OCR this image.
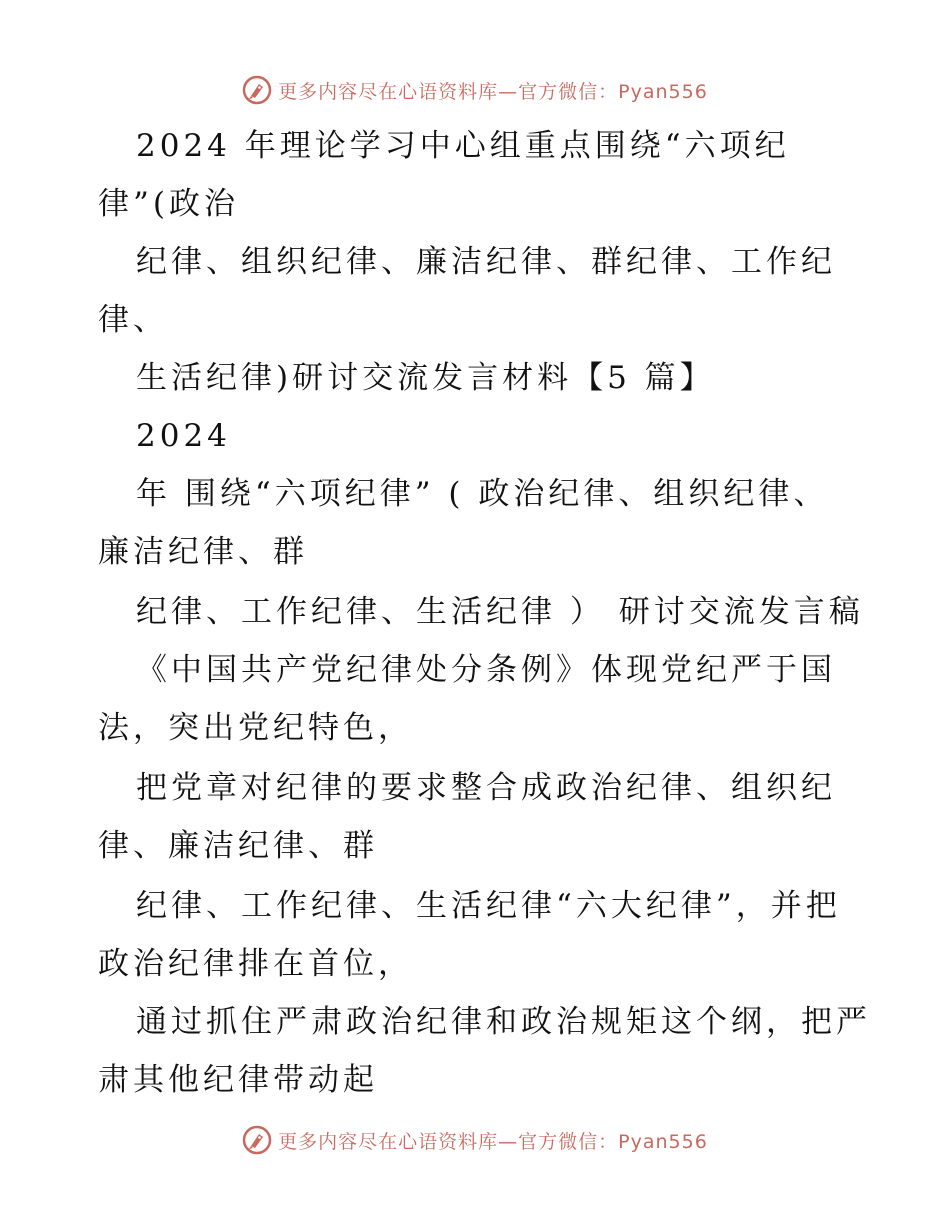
更多内容尽在心语资料库—官方微信：Pyan556
2024 年理论学习中心组重点围绕“六项纪
律”(政治
纪律、组织纪律、廉洁纪律、群纪律、工作纪
律、
生活纪律)研讨交流发言材料【5 篇】
2024
年 围绕“六项纪律” ( 政治纪律、组织纪律、
廉洁纪律、群
纪律、工作纪律、生活纪律 ） 研讨交流发言稿
《中国共产党纪律处分条例》体现党纪严于国
法，突出党纪特色，
把党章对纪律的要求整合成政治纪律、组织纪
律、廉洁纪律、群
纪律、工作纪律、生活纪律“六大纪律”，并把
政治纪律排在首位，
通过抓住严肃政治纪律和政治规矩这个纲，把严
肃其他纪律带动起
更多内容尽在心语资料库—官方微信：Pyan556
